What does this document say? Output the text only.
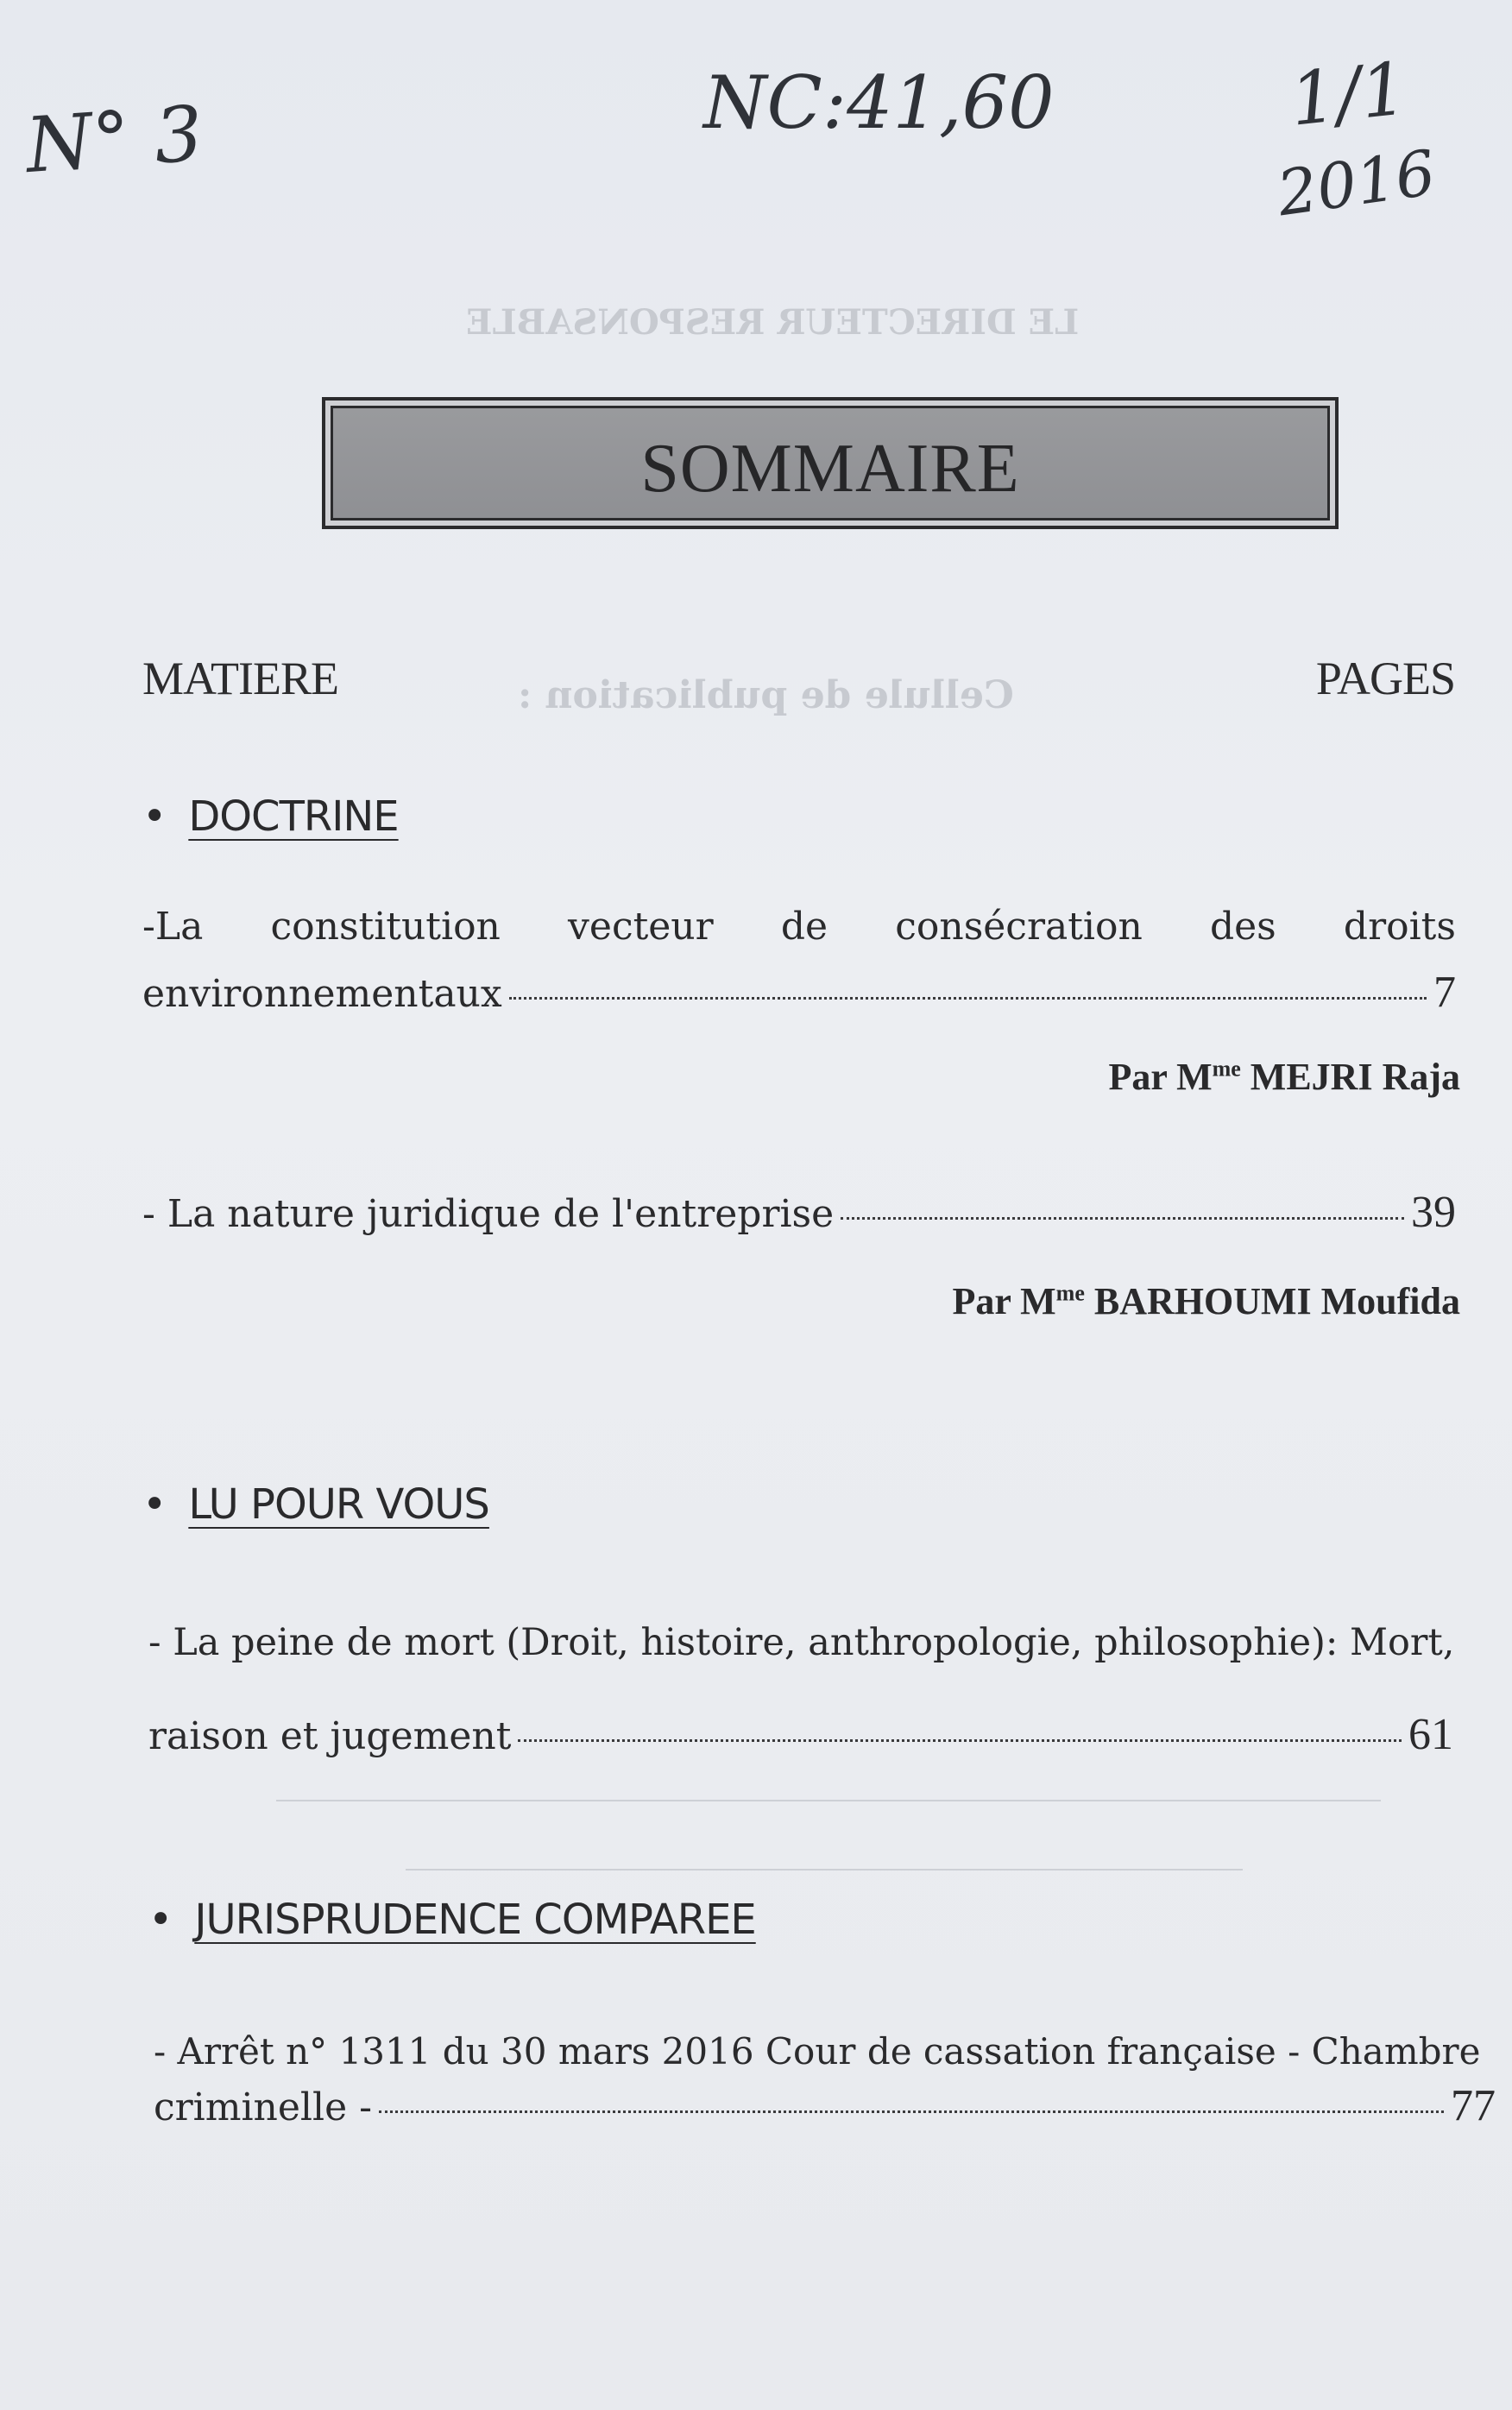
LE DIRECTEUR RESPONSABLE
Cellule de publication :
N° 3	NC:41,60	1/1
2016
SOMMAIRE
MATIERE	PAGES
• DOCTRINE
-La constitution vecteur de consécration des droits
environnementaux	7
Par $M^{me}$ MEJRI Raja
- La nature juridique de l'entreprise	39
Par $M^{me}$ BARHOUMI Moufida
• LU POUR VOUS
- La peine de mort (Droit, histoire, anthropologie, philosophie): Mort,
raison et jugement	61
• JURISPRUDENCE COMPAREE
- Arrêt n° 1311 du 30 mars 2016 Cour de cassation française - Chambre
criminelle -	77
